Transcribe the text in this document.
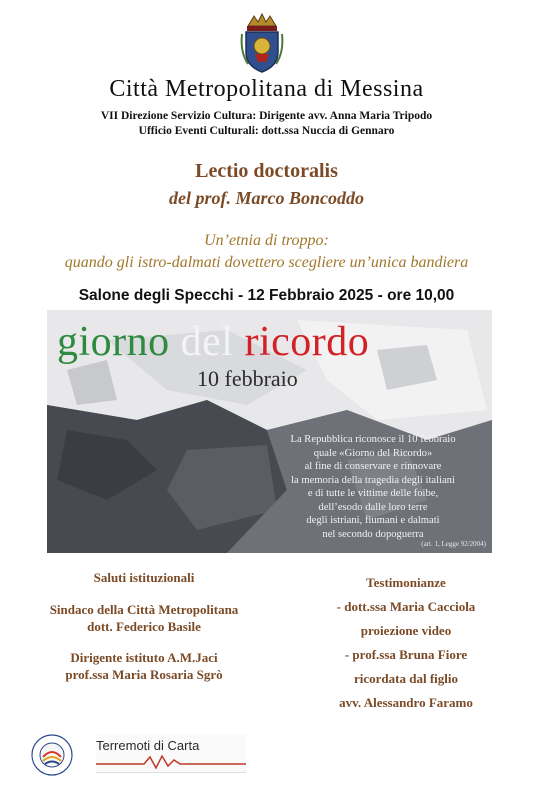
Città Metropolitana di Messina
VII Direzione Servizio Cultura: Dirigente avv. Anna Maria Tripodo
Ufficio Eventi Culturali: dott.ssa Nuccia di Gennaro
Lectio doctoralis
del prof. Marco Boncoddo
Un’etnia di troppo:
quando gli istro-dalmati dovettero scegliere un’unica bandiera
Salone degli Specchi - 12 Febbraio 2025 - ore 10,00
giorno del ricordo
10 febbraio
La Repubblica riconosce il 10 febbraio
quale «Giorno del Ricordo»
al fine di conservare e rinnovare
la memoria della tragedia degli italiani
e di tutte le vittime delle foibe,
dell’esodo dalle loro terre
degli istriani, fiumani e dalmati
nel secondo dopoguerra
(art. 1, Legge 92/2004)
Saluti istituzionali
Sindaco della Città Metropolitana
dott. Federico Basile
Dirigente istituto A.M.Jaci
prof.ssa Maria Rosaria Sgrò
Testimonianze
- dott.ssa Maria Cacciola
proiezione video
- prof.ssa Bruna Fiore
ricordata dal figlio
avv. Alessandro Faramo
Terremoti di Carta
